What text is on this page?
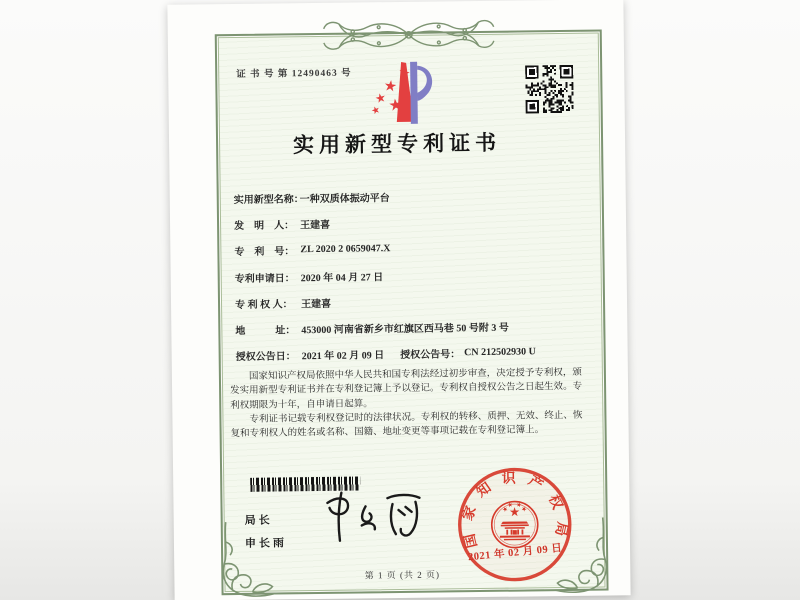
证 书 号 第 12490463 号
实用新型专利证书
实用新型名称：
一种双质体振动平台
发　明　人： 王建喜
专　利　号： ZL 2020 2 0659047.X
专利申请日： 2020 年 04 月 27 日
专 利 权 人： 王建喜
地　　　址： 453000 河南省新乡市红旗区西马巷 50 号附 3 号
授权公告日： 2021 年 02 月 09 日 授权公告号： CN 212502930 U

国家知识产权局依照中华人民共和国专利法经过初步审查，决定授予专利权，颁发实用新型专利证书并在专利登记簿上予以登记。专利权自授权公告之日起生效。专利权期限为十年，自申请日起算。

专利证书记载专利权登记时的法律状况。专利权的转移、质押、无效、终止、恢复和专利权人的姓名或名称、国籍、地址变更等事项记载在专利登记簿上。

局长
申长雨	国家知识产权局
2021 年 02 月 09 日
第 1 页 (共 2 页)
